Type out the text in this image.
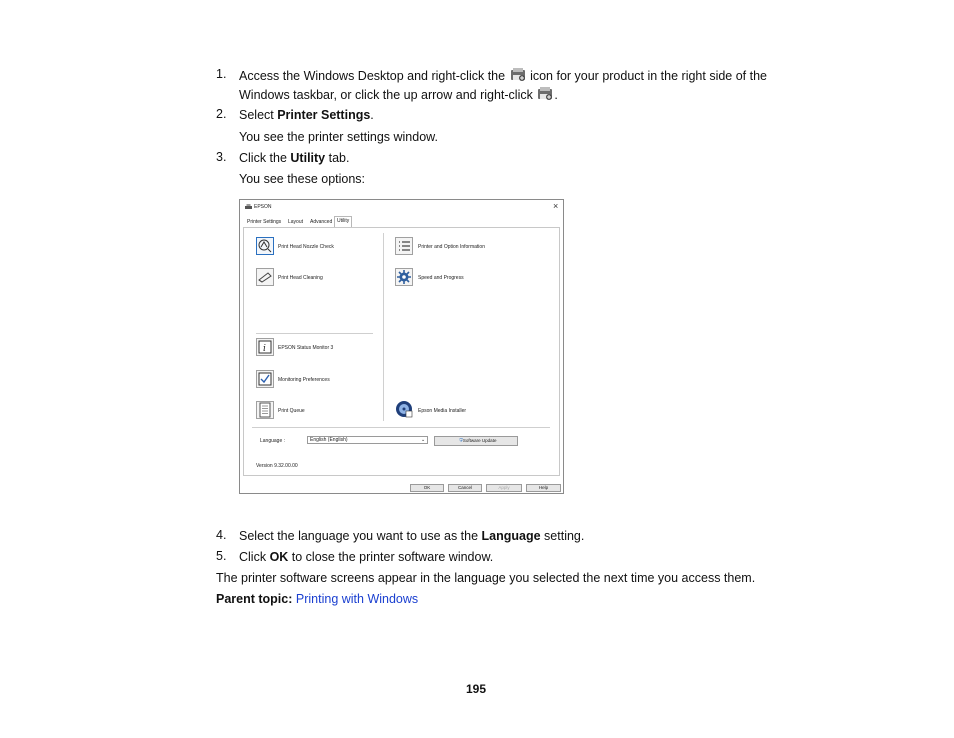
1. Access the Windows Desktop and right-click the icon for your product in the right side of the
Windows taskbar, or click the up arrow and right-click .
2. Select Printer Settings.
You see the printer settings window.
3. Click the Utility tab.
You see these options:
EPSON	×
Printer Settings	Layout	Advanced Utility
Print Head Nozzle Check
Print Head Cleaning
i EPSON Status Monitor 3
Monitoring Preferences
Print Queue
Printer and Option Information
Speed and Progress
Epson Media Installer
Language :	English (English)	⌄	⛨Software Update
Version 9.32.00.00
OK	Cancel	Apply	Help
4. Select the language you want to use as the Language setting.
5. Click OK to close the printer software window.
The printer software screens appear in the language you selected the next time you access them.
Parent topic: Printing with Windows
195
